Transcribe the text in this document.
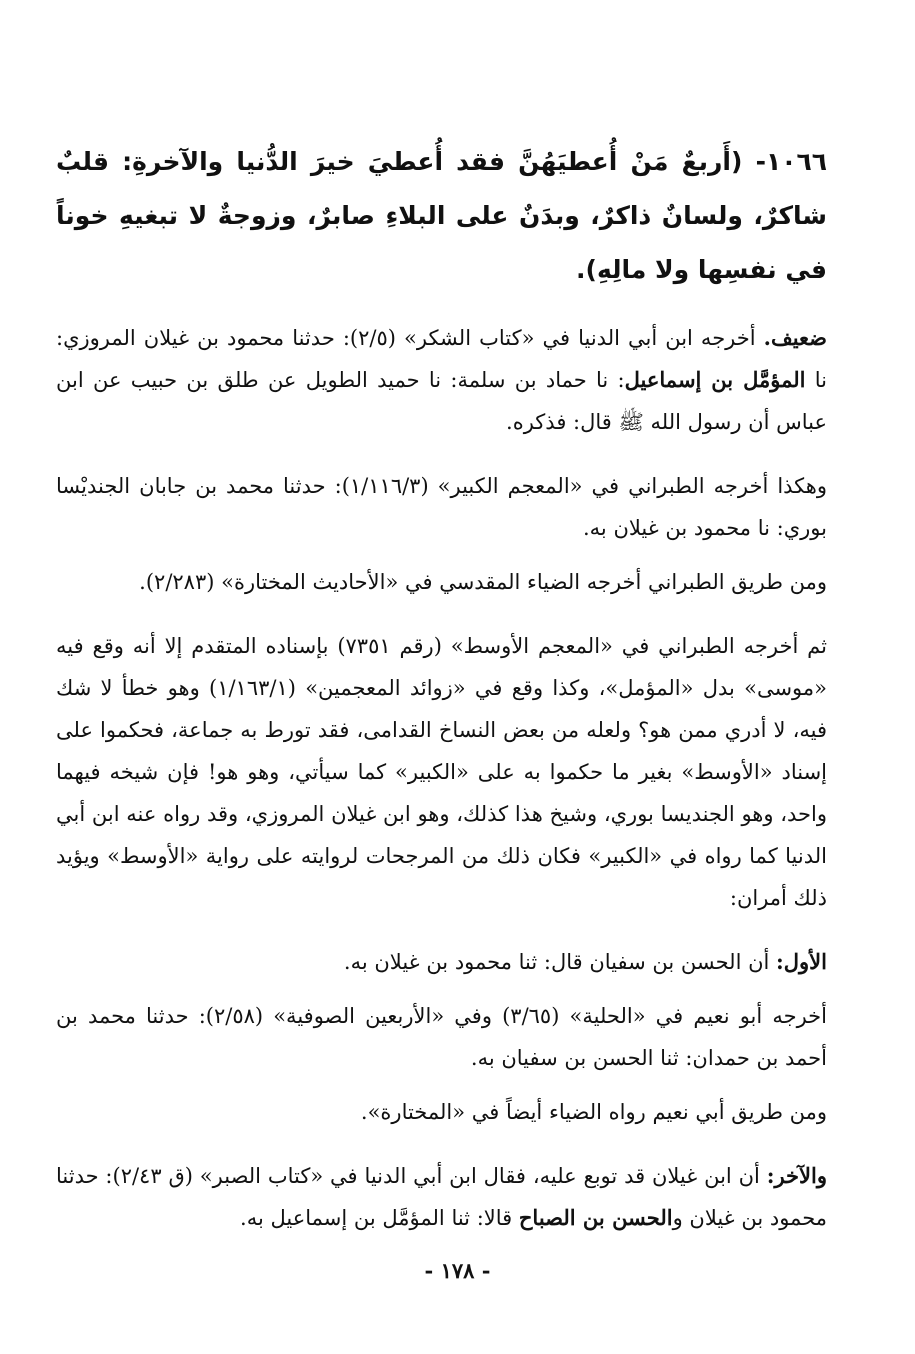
١٠٦٦- (أَربعٌ مَنْ أُعطيَهُنَّ فقد أُعطيَ خيرَ الدُّنيا والآخرةِ: قلبٌ شاكرٌ، ولسانٌ ذاكرٌ، وبدَنٌ على البلاءِ صابرٌ، وزوجةٌ لا تبغيهِ خوناً في نفسِها ولا مالِهِ).

ضعيف. أخرجه ابن أبي الدنيا في «كتاب الشكر» (٢/٥): حدثنا محمود بن غيلان المروزي: نا المؤمَّل بن إسماعيل: نا حماد بن سلمة: نا حميد الطويل عن طلق بن حبيب عن ابن عباس أن رسول الله ﷺ قال: فذكره.

وهكذا أخرجه الطبراني في «المعجم الكبير» (١/١١٦/٣): حدثنا محمد بن جابان الجنديْسا بوري: نا محمود بن غيلان به.

ومن طريق الطبراني أخرجه الضياء المقدسي في «الأحاديث المختارة» (٢/٢٨٣).

ثم أخرجه الطبراني في «المعجم الأوسط» (رقم ٧٣٥١) بإسناده المتقدم إلا أنه وقع فيه «موسى» بدل «المؤمل»، وكذا وقع في «زوائد المعجمين» (١/١٦٣/١) وهو خطأ لا شك فيه، لا أدري ممن هو؟ ولعله من بعض النساخ القدامى، فقد تورط به جماعة، فحكموا على إسناد «الأوسط» بغير ما حكموا به على «الكبير» كما سيأتي، وهو هو! فإن شيخه فيهما واحد، وهو الجنديسا بوري، وشيخ هذا كذلك، وهو ابن غيلان المروزي، وقد رواه عنه ابن أبي الدنيا كما رواه في «الكبير» فكان ذلك من المرجحات لروايته على رواية «الأوسط» ويؤيد ذلك أمران:

الأول: أن الحسن بن سفيان قال: ثنا محمود بن غيلان به.

أخرجه أبو نعيم في «الحلية» (٣/٦٥) وفي «الأربعين الصوفية» (٢/٥٨): حدثنا محمد بن أحمد بن حمدان: ثنا الحسن بن سفيان به.

ومن طريق أبي نعيم رواه الضياء أيضاً في «المختارة».

والآخر: أن ابن غيلان قد توبع عليه، فقال ابن أبي الدنيا في «كتاب الصبر» (ق ٢/٤٣): حدثنا محمود بن غيلان والحسن بن الصباح قالا: ثنا المؤمَّل بن إسماعيل به.

- ١٧٨ -
